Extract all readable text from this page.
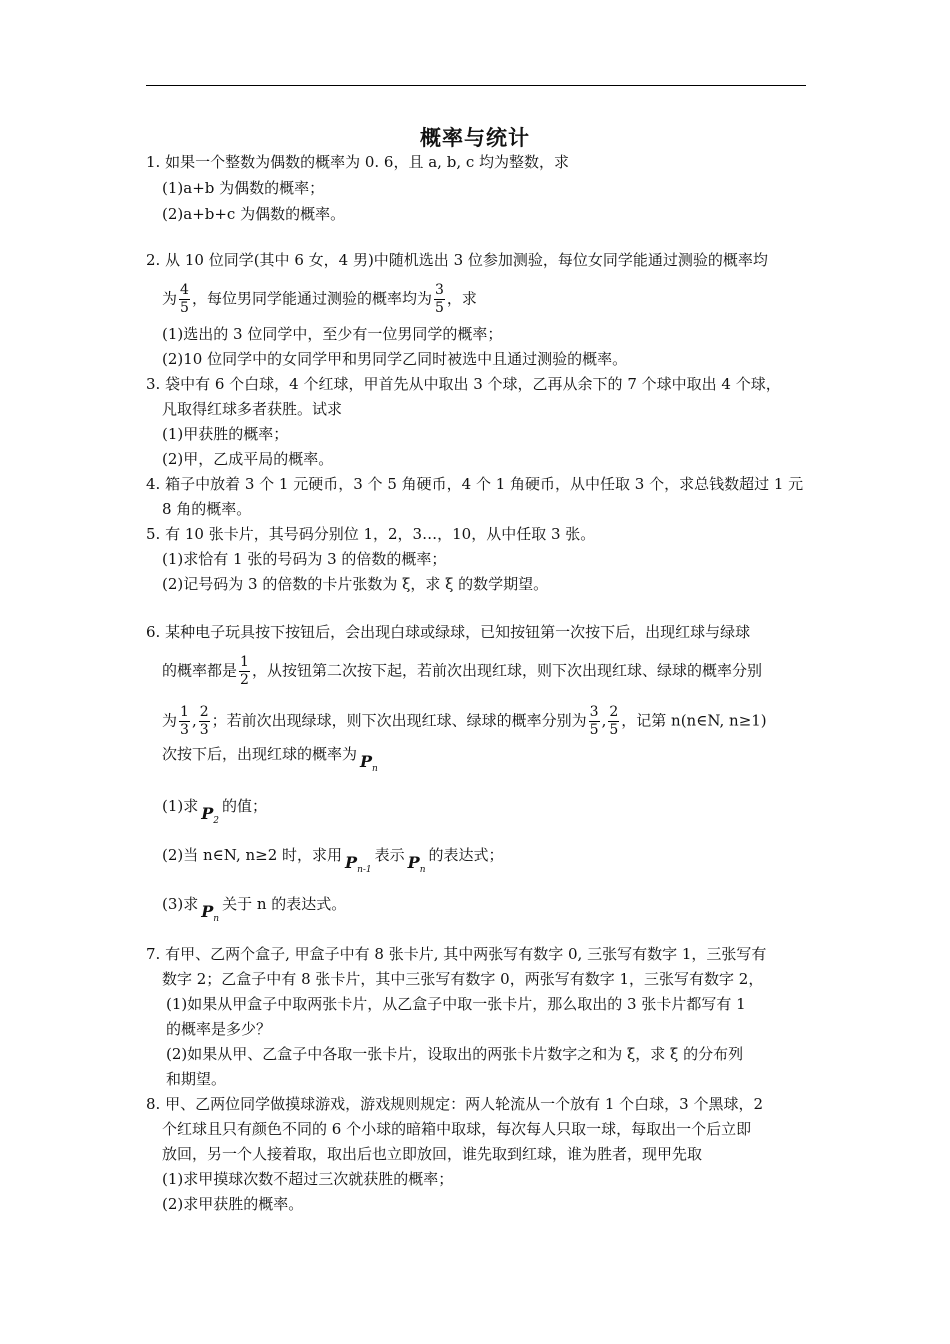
概率与统计
1. 如果一个整数为偶数的概率为 0. 6，且 a, b, c 均为整数，求
(1)a+b 为偶数的概率；
(2)a+b+c 为偶数的概率。
2. 从 10 位同学(其中 6 女，4 男)中随机选出 3 位参加测验，每位女同学能通过测验的概率均
为 $\frac{4}{5}$ ，每位男同学能通过测验的概率均为 $\frac{3}{5}$ ，求
(1)选出的 3 位同学中，至少有一位男同学的概率；
(2)10 位同学中的女同学甲和男同学乙同时被选中且通过测验的概率。
3. 袋中有 6 个白球，4 个红球，甲首先从中取出 3 个球，乙再从余下的 7 个球中取出 4 个球，
凡取得红球多者获胜。试求
(1)甲获胜的概率；
(2)甲，乙成平局的概率。
4. 箱子中放着 3 个 1 元硬币，3 个 5 角硬币，4 个 1 角硬币，从中任取 3 个，求总钱数超过 1 元
8 角的概率。
5. 有 10 张卡片，其号码分别位 1，2，3…，10，从中任取 3 张。
(1)求恰有 1 张的号码为 3 的倍数的概率；
(2)记号码为 3 的倍数的卡片张数为 ξ，求 ξ 的数学期望。
6. 某种电子玩具按下按钮后，会出现白球或绿球，已知按钮第一次按下后，出现红球与绿球
的概率都是 $\frac{1}{2}$ ，从按钮第二次按下起，若前次出现红球，则下次出现红球、绿球的概率分别
为 $\frac{1}{3}$ , $\frac{2}{3}$ ；若前次出现绿球，则下次出现红球、绿球的概率分别为 $\frac{3}{5}$ , $\frac{2}{5}$ ，记第 n(n∈N, n≥1)
次按下后，出现红球的概率为 $P_n$
(1)求 $P_2$的值；
(2)当 n∈N, n≥2 时，求用 $P_{n-1}$表示 $P_n$的表达式；
(3)求 $P_n$关于 n 的表达式。
7. 有甲、乙两个盒子, 甲盒子中有 8 张卡片, 其中两张写有数字 0, 三张写有数字 1，三张写有
数字 2；乙盒子中有 8 张卡片，其中三张写有数字 0，两张写有数字 1，三张写有数字 2，
(1)如果从甲盒子中取两张卡片，从乙盒子中取一张卡片，那么取出的 3 张卡片都写有 1
的概率是多少？
(2)如果从甲、乙盒子中各取一张卡片，设取出的两张卡片数字之和为 ξ，求 ξ 的分布列
和期望。
8. 甲、乙两位同学做摸球游戏，游戏规则规定：两人轮流从一个放有 1 个白球，3 个黑球，2
个红球且只有颜色不同的 6 个小球的暗箱中取球，每次每人只取一球，每取出一个后立即
放回，另一个人接着取，取出后也立即放回，谁先取到红球，谁为胜者，现甲先取
(1)求甲摸球次数不超过三次就获胜的概率；
(2)求甲获胜的概率。
